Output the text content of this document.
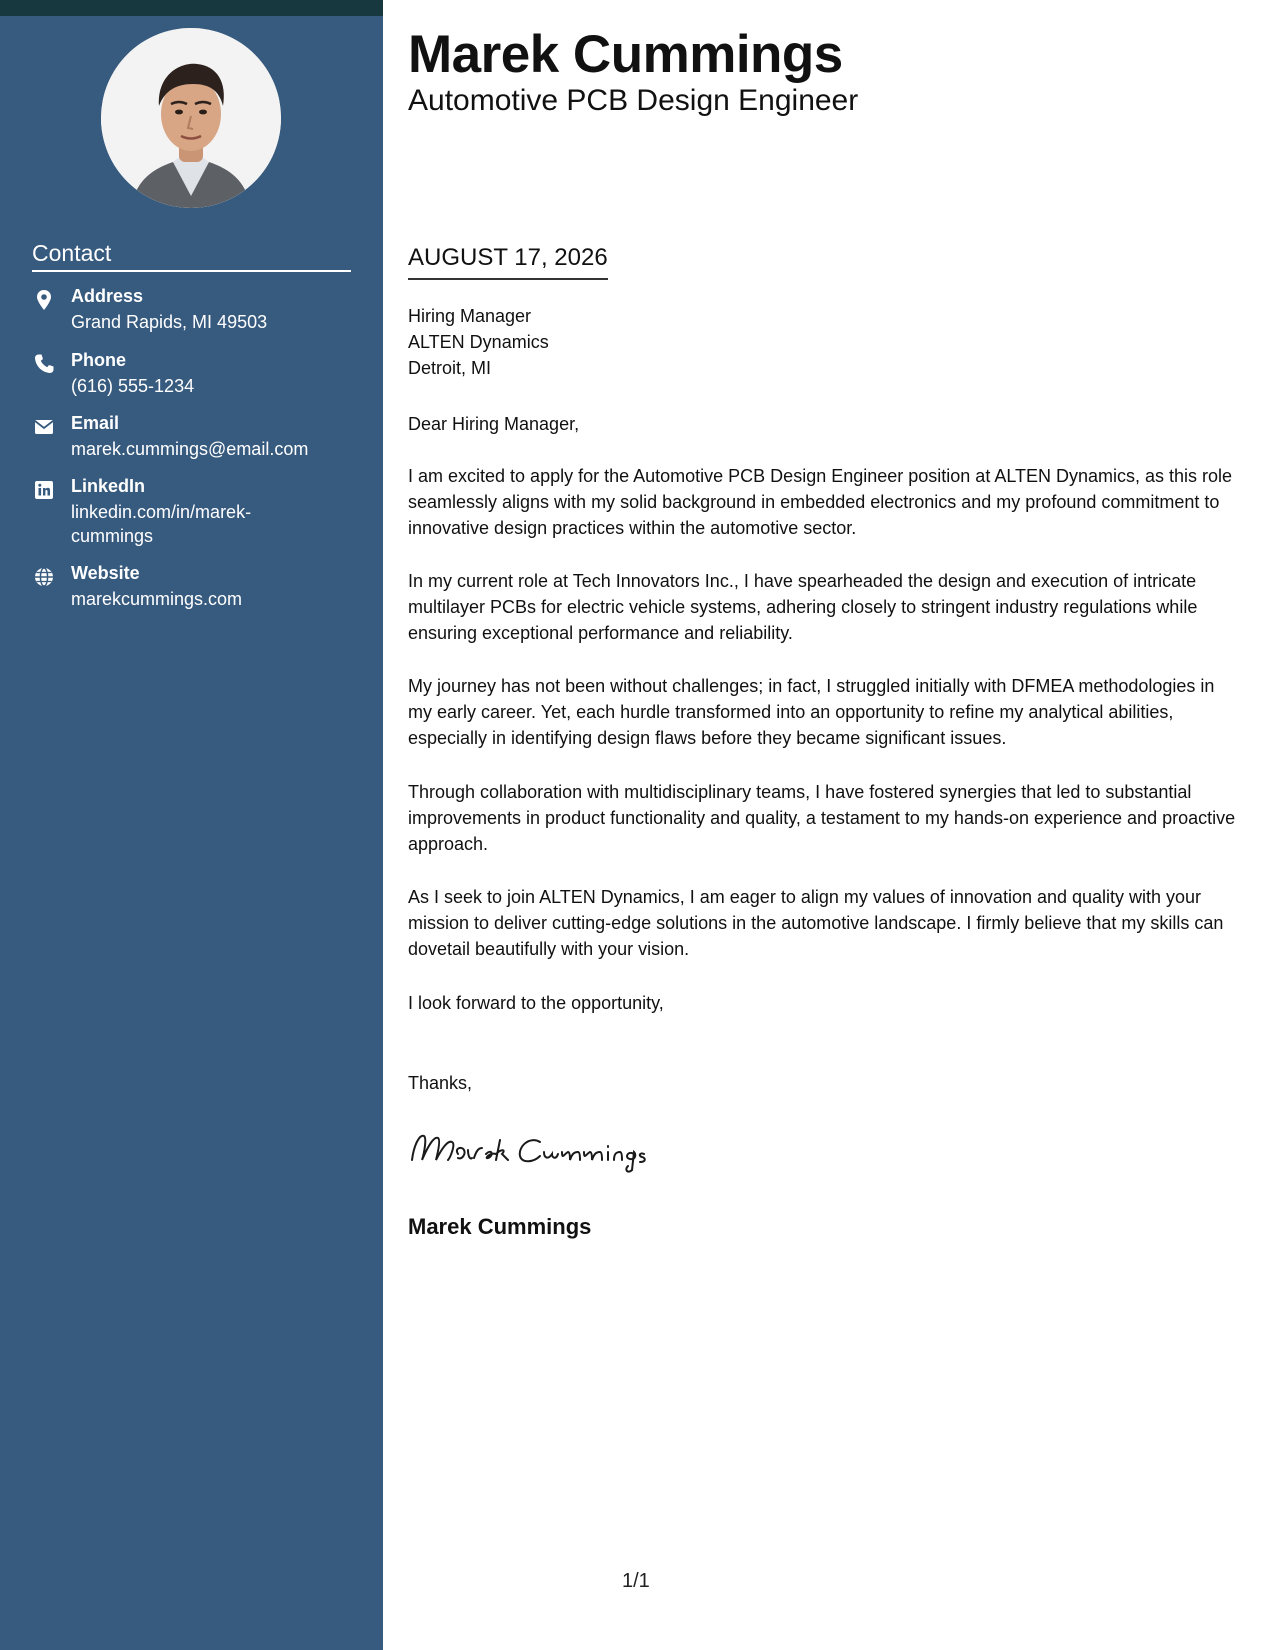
Contact
Address
Grand Rapids, MI 49503
Phone
(616) 555-1234
Email
marek.cummings@email.com
LinkedIn
linkedin.com/in/marek-
cummings
Website
marekcummings.com
Marek Cummings
Automotive PCB Design Engineer
AUGUST 17, 2026
Hiring Manager
ALTEN Dynamics
Detroit, MI
Dear Hiring Manager,
I am excited to apply for the Automotive PCB Design Engineer position at ALTEN Dynamics, as this role seamlessly aligns with my solid background in embedded electronics and my profound commitment to innovative design practices within the automotive sector.
In my current role at Tech Innovators Inc., I have spearheaded the design and execution of intricate multilayer PCBs for electric vehicle systems, adhering closely to stringent industry regulations while ensuring exceptional performance and reliability.
My journey has not been without challenges; in fact, I struggled initially with DFMEA methodologies in my early career. Yet, each hurdle transformed into an opportunity to refine my analytical abilities, especially in identifying design flaws before they became significant issues.
Through collaboration with multidisciplinary teams, I have fostered synergies that led to substantial improvements in product functionality and quality, a testament to my hands-on experience and proactive approach.
As I seek to join ALTEN Dynamics, I am eager to align my values of innovation and quality with your mission to deliver cutting-edge solutions in the automotive landscape. I firmly believe that my skills can dovetail beautifully with your vision.
I look forward to the opportunity,
Thanks,
Marek Cummings
1/1
